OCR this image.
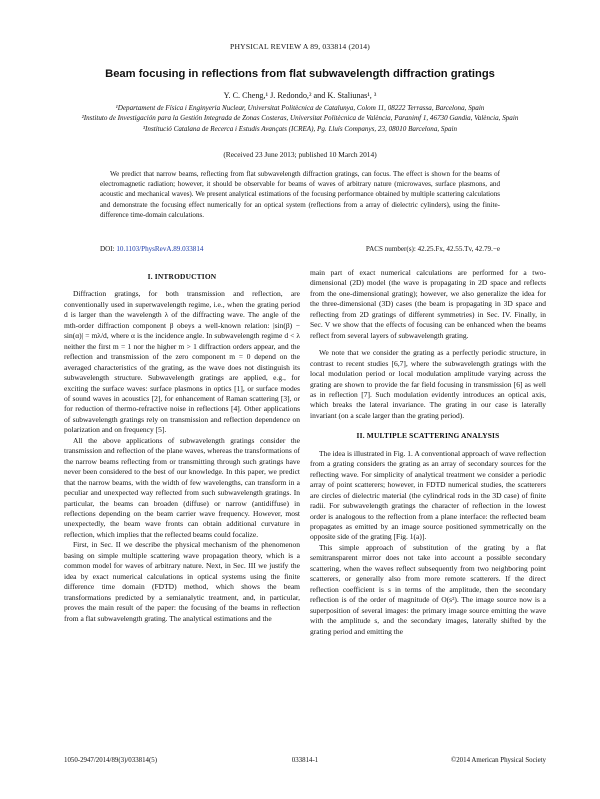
PHYSICAL REVIEW A 89, 033814 (2014)
Beam focusing in reflections from flat subwavelength diffraction gratings
Y. C. Cheng,¹ J. Redondo,² and K. Staliunas¹, ³
¹Departament de Física i Enginyeria Nuclear, Universitat Politècnica de Catalunya, Colom 11, 08222 Terrassa, Barcelona, Spain
²Instituto de Investigación para la Gestión Integrada de Zonas Costeras, Universitat Politècnica de València, Paranimf 1, 46730 Gandia, València, Spain
³Institució Catalana de Recerca i Estudis Avançats (ICREA), Pg. Lluís Companys, 23, 08010 Barcelona, Spain
(Received 23 June 2013; published 10 March 2014)
We predict that narrow beams, reflecting from flat subwavelength diffraction gratings, can focus. The effect is shown for the beams of electromagnetic radiation; however, it should be observable for beams of waves of arbitrary nature (microwaves, surface plasmons, and acoustic and mechanical waves). We present analytical estimations of the focusing performance obtained by multiple scattering calculations and demonstrate the focusing effect numerically for an optical system (reflections from a array of dielectric cylinders), using the finite-difference time-domain calculations.
DOI: 10.1103/PhysRevA.89.033814	PACS number(s): 42.25.Fx, 42.55.Tv, 42.79.−e
I. INTRODUCTION

Diffraction gratings, for both transmission and reflection, are conventionally used in superwavelength regime, i.e., when the grating period d is larger than the wavelength λ of the diffracting wave. The angle of the mth-order diffraction component β obeys a well-known relation: |sin(β) − sin(α)| = mλ/d, where α is the incidence angle. In subwavelength regime d < λ neither the first m = 1 nor the higher m > 1 diffraction orders appear, and the reflection and transmission of the zero component m = 0 depend on the averaged characteristics of the grating, as the wave does not distinguish its subwavelength structure. Subwavelength gratings are applied, e.g., for exciting the surface waves: surface plasmons in optics [1], or surface modes of sound waves in acoustics [2], for enhancement of Raman scattering [3], or for reduction of thermo-refractive noise in reflections [4]. Other applications of subwavelength gratings rely on transmission and reflection dependence on polarization and on frequency [5].

All the above applications of subwavelength gratings consider the transmission and reflection of the plane waves, whereas the transformations of the narrow beams reflecting from or transmitting through such gratings have never been considered to the best of our knowledge. In this paper, we predict that the narrow beams, with the width of few wavelengths, can transform in a peculiar and unexpected way reflected from such subwavelength gratings. In particular, the beams can broaden (diffuse) or narrow (antidiffuse) in reflections depending on the beam carrier wave frequency. However, most unexpectedly, the beam wave fronts can obtain additional curvature in reflection, which implies that the reflected beams could focalize.

First, in Sec. II we describe the physical mechanism of the phenomenon basing on simple multiple scattering wave propagation theory, which is a common model for waves of arbitrary nature. Next, in Sec. III we justify the idea by exact numerical calculations in optical systems using the finite difference time domain (FDTD) method, which shows the beam transformations predicted by a semianalytic treatment, and, in particular, proves the main result of the paper: the focusing of the beams in reflection from a flat subwavelength grating. The analytical estimations and the

main part of exact numerical calculations are performed for a two-dimensional (2D) model (the wave is propagating in 2D space and reflects from the one-dimensional grating); however, we also generalize the idea for the three-dimensional (3D) cases (the beam is propagating in 3D space and reflecting from 2D gratings of different symmetries) in Sec. IV. Finally, in Sec. V we show that the effects of focusing can be enhanced when the beams reflect from several layers of subwavelength grating.

We note that we consider the grating as a perfectly periodic structure, in contrast to recent studies [6,7], where the subwavelength gratings with the local modulation period or local modulation amplitude varying across the grating are shown to provide the far field focusing in transmission [6] as well as in reflection [7]. Such modulation evidently introduces an optical axis, which breaks the lateral invariance. The grating in our case is laterally invariant (on a scale larger than the grating period).

II. MULTIPLE SCATTERING ANALYSIS

The idea is illustrated in Fig. 1. A conventional approach of wave reflection from a grating considers the grating as an array of secondary sources for the reflecting wave. For simplicity of analytical treatment we consider a periodic array of point scatterers; however, in FDTD numerical studies, the scatterers are circles of dielectric material (the cylindrical rods in the 3D case) of finite radii. For subwavelength gratings the character of reflection in the lowest order is analogous to the reflection from a plane interface: the reflected beam propagates as emitted by an image source positioned symmetrically on the opposite side of the grating [Fig. 1(a)].

This simple approach of substitution of the grating by a flat semitransparent mirror does not take into account a possible secondary scattering, when the waves reflect subsequently from two neighboring point scatterers, or generally also from more remote scatterers. If the direct reflection coefficient is s in terms of the amplitude, then the secondary reflection is of the order of magnitude of O(s²). The image source now is a superposition of several images: the primary image source emitting the wave with the amplitude s, and the secondary images, laterally shifted by the grating period and emitting the

1050-2947/2014/89(3)/033814(5)	033814-1	©2014 American Physical Society
